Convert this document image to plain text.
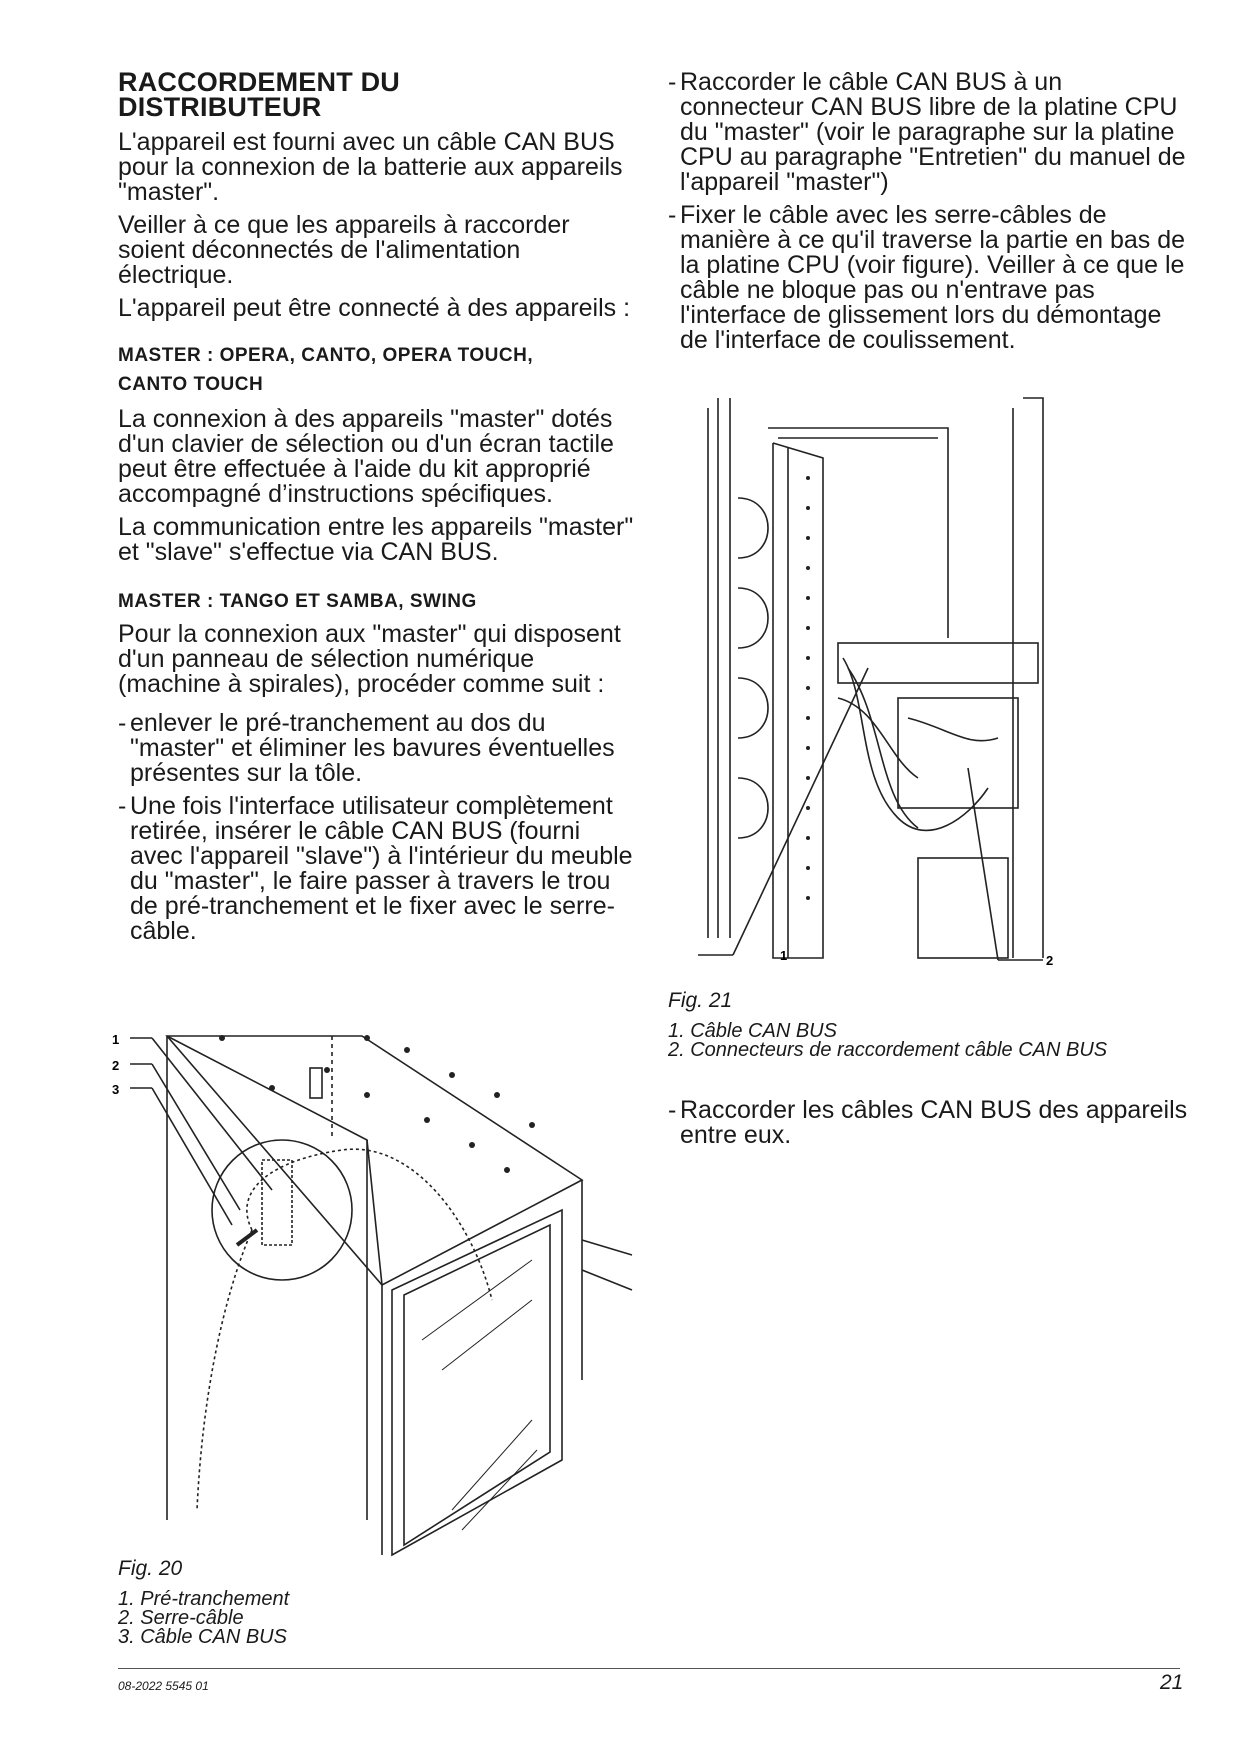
RACCORDEMENT DU
DISTRIBUTEUR

L'appareil est fourni avec un câble CAN BUS pour la connexion de la batterie aux appareils "master".

Veiller à ce que les appareils à raccorder soient déconnectés de l'alimentation électrique.

L'appareil peut être connecté à des appareils :

MASTER : OPERA, CANTO, OPERA TOUCH,
CANTO TOUCH

La connexion à des appareils "master" dotés d'un clavier de sélection ou d'un écran tactile peut être effectuée à l'aide du kit approprié accompagné d’instructions spécifiques.

La communication entre les appareils "master" et "slave" s'effectue via CAN BUS.

MASTER : TANGO ET SAMBA, SWING

Pour la connexion aux "master" qui disposent d'un panneau de sélection numérique (machine à spirales), procéder comme suit :

- enlever le pré-tranchement au dos du "master" et éliminer les bavures éventuelles présentes sur la tôle.
- Une fois l'interface utilisateur complètement retirée, insérer le câble CAN BUS (fourni avec l'appareil "slave") à l'intérieur du meuble du "master", le faire passer à travers le trou de pré-tranchement et le fixer avec le serre-câble.
1
2
3
Fig. 20
1. Pré-tranchement
2. Serre-câble
3. Câble CAN BUS
- Raccorder le câble CAN BUS à un connecteur CAN BUS libre de la platine CPU du "master" (voir le paragraphe sur la platine CPU au paragraphe "Entretien" du manuel de l'appareil "master")
- Fixer le câble avec les serre-câbles de manière à ce qu'il traverse la partie en bas de la platine CPU (voir figure). Veiller à ce que le câble ne bloque pas ou n'entrave pas l'interface de glissement lors du démontage de l'interface de coulissement.
1	2
Fig. 21
1. Câble CAN BUS
2. Connecteurs de raccordement câble CAN BUS
- Raccorder les câbles CAN BUS des appareils entre eux.
08-2022 5545 01	21
